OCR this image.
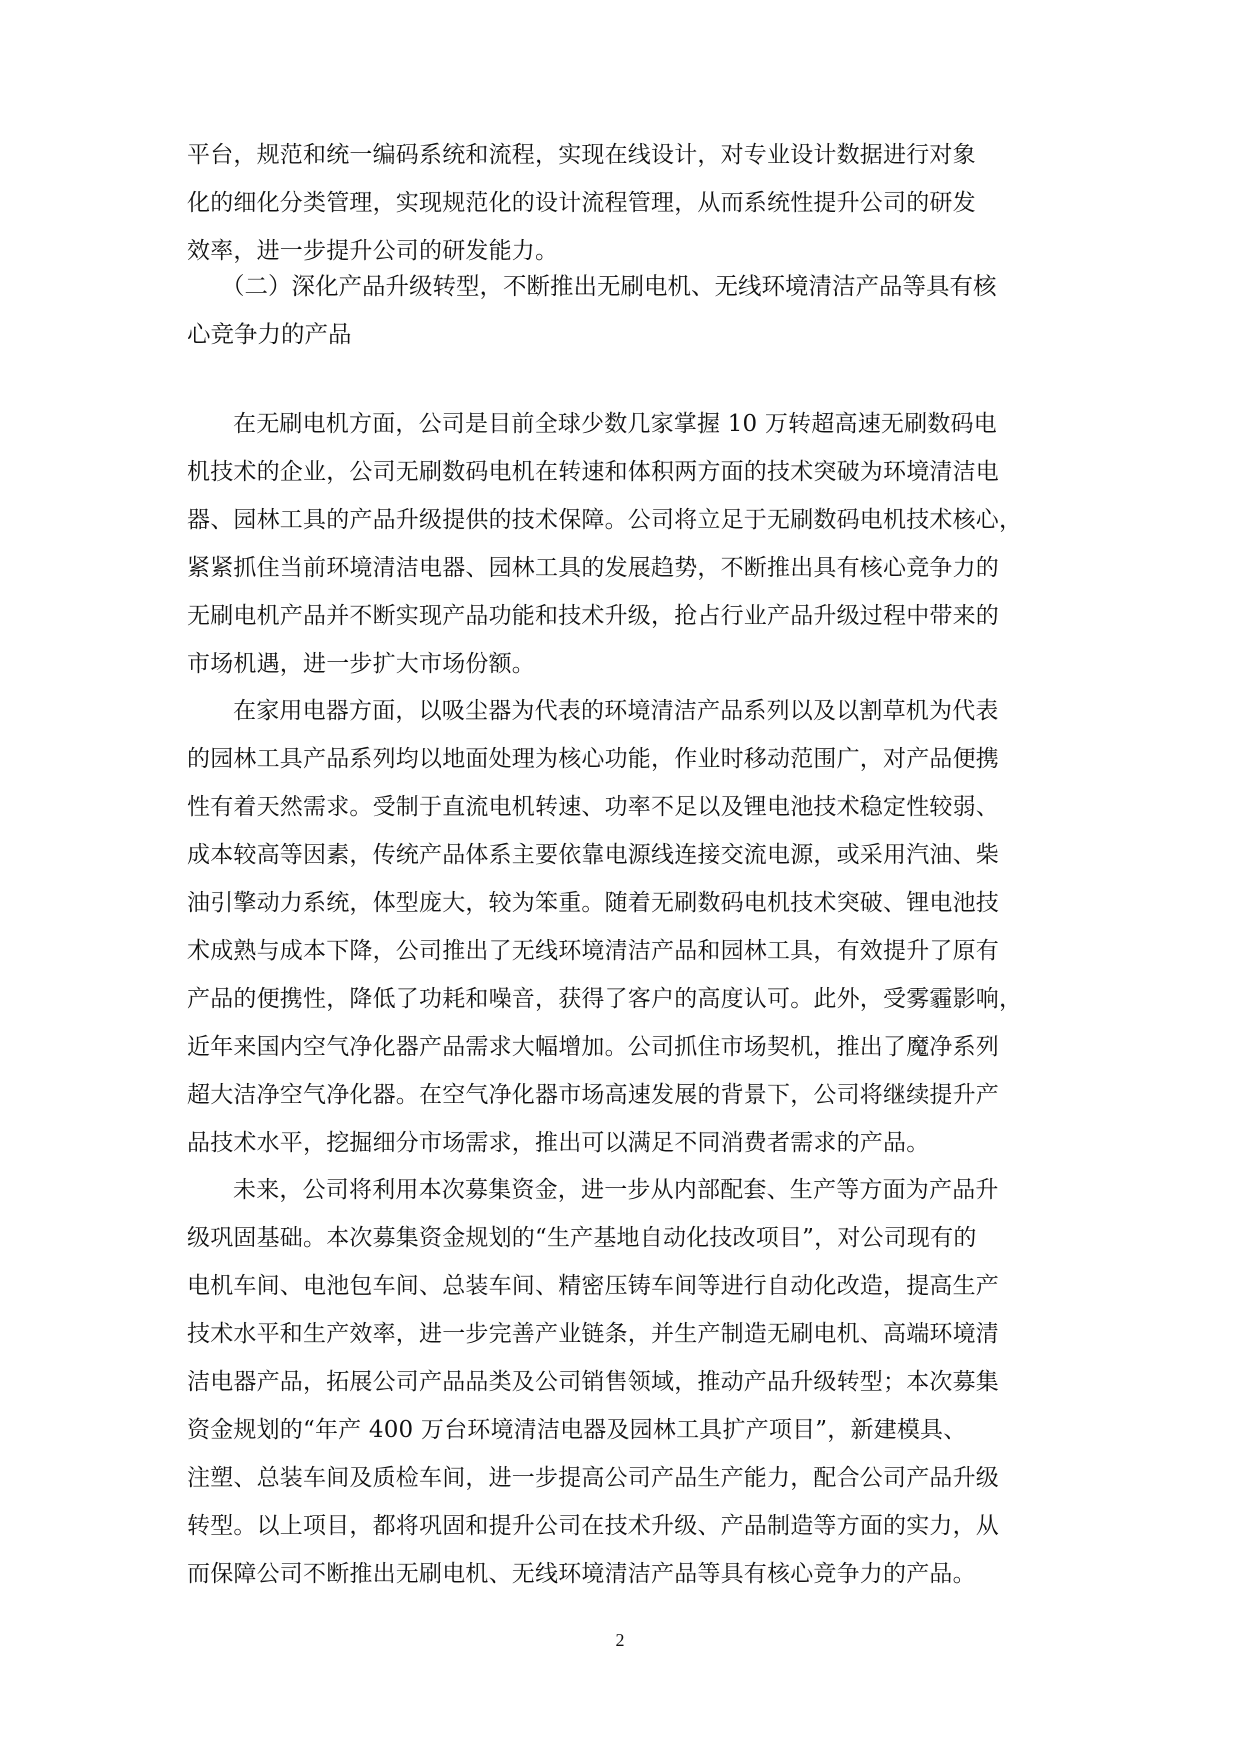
平台，规范和统一编码系统和流程，实现在线设计，对专业设计数据进行对象
化的细化分类管理，实现规范化的设计流程管理，从而系统性提升公司的研发
效率，进一步提升公司的研发能力。
（二）深化产品升级转型，不断推出无刷电机、无线环境清洁产品等具有核
心竞争力的产品
在无刷电机方面，公司是目前全球少数几家掌握 10 万转超高速无刷数码电
机技术的企业，公司无刷数码电机在转速和体积两方面的技术突破为环境清洁电
器、园林工具的产品升级提供的技术保障。公司将立足于无刷数码电机技术核心，
紧紧抓住当前环境清洁电器、园林工具的发展趋势，不断推出具有核心竞争力的
无刷电机产品并不断实现产品功能和技术升级，抢占行业产品升级过程中带来的
市场机遇，进一步扩大市场份额。
在家用电器方面，以吸尘器为代表的环境清洁产品系列以及以割草机为代表
的园林工具产品系列均以地面处理为核心功能，作业时移动范围广，对产品便携
性有着天然需求。受制于直流电机转速、功率不足以及锂电池技术稳定性较弱、
成本较高等因素，传统产品体系主要依靠电源线连接交流电源，或采用汽油、柴
油引擎动力系统，体型庞大，较为笨重。随着无刷数码电机技术突破、锂电池技
术成熟与成本下降，公司推出了无线环境清洁产品和园林工具，有效提升了原有
产品的便携性，降低了功耗和噪音，获得了客户的高度认可。此外，受雾霾影响，
近年来国内空气净化器产品需求大幅增加。公司抓住市场契机，推出了魔净系列
超大洁净空气净化器。在空气净化器市场高速发展的背景下，公司将继续提升产
品技术水平，挖掘细分市场需求，推出可以满足不同消费者需求的产品。
未来，公司将利用本次募集资金，进一步从内部配套、生产等方面为产品升
级巩固基础。本次募集资金规划的“生产基地自动化技改项目”，对公司现有的
电机车间、电池包车间、总装车间、精密压铸车间等进行自动化改造，提高生产
技术水平和生产效率，进一步完善产业链条，并生产制造无刷电机、高端环境清
洁电器产品，拓展公司产品品类及公司销售领域，推动产品升级转型；本次募集
资金规划的“年产 400 万台环境清洁电器及园林工具扩产项目”，新建模具、
注塑、总装车间及质检车间，进一步提高公司产品生产能力，配合公司产品升级
转型。以上项目，都将巩固和提升公司在技术升级、产品制造等方面的实力，从
而保障公司不断推出无刷电机、无线环境清洁产品等具有核心竞争力的产品。
2
